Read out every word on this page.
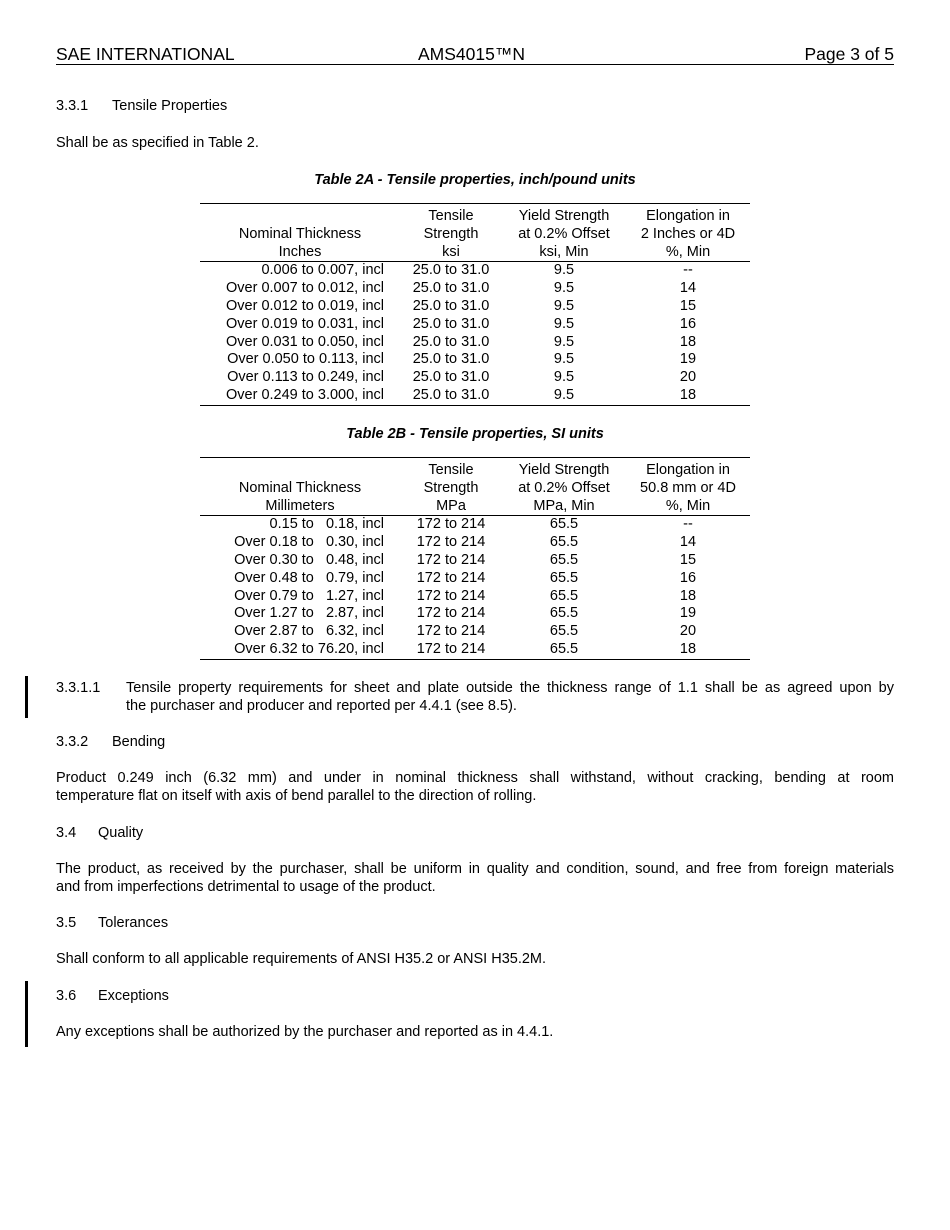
SAE INTERNATIONAL	AMS4015™N	Page 3 of 5
3.3.1 Tensile Properties
Shall be as specified in Table 2.
Table 2A - Tensile properties, inch/pound units

	Tensile	Yield Strength	Elongation in
Nominal Thickness	Strength	at 0.2% Offset	2 Inches or 4D
Inches	ksi	ksi, Min	%, Min
0.006 to 0.007, incl	25.0 to 31.0	9.5	--
Over 0.007 to 0.012, incl	25.0 to 31.0	9.5	14
Over 0.012 to 0.019, incl	25.0 to 31.0	9.5	15
Over 0.019 to 0.031, incl	25.0 to 31.0	9.5	16
Over 0.031 to 0.050, incl	25.0 to 31.0	9.5	18
Over 0.050 to 0.113, incl	25.0 to 31.0	9.5	19
Over 0.113 to 0.249, incl	25.0 to 31.0	9.5	20
Over 0.249 to 3.000, incl	25.0 to 31.0	9.5	18
Table 2B - Tensile properties, SI units

	Tensile	Yield Strength	Elongation in
Nominal Thickness	Strength	at 0.2% Offset	50.8 mm or 4D
Millimeters	MPa	MPa, Min	%, Min
0.15 to   0.18, incl	172 to 214	65.5	--
Over 0.18 to   0.30, incl	172 to 214	65.5	14
Over 0.30 to   0.48, incl	172 to 214	65.5	15
Over 0.48 to   0.79, incl	172 to 214	65.5	16
Over 0.79 to   1.27, incl	172 to 214	65.5	18
Over 1.27 to   2.87, incl	172 to 214	65.5	19
Over 2.87 to   6.32, incl	172 to 214	65.5	20
Over 6.32 to 76.20, incl	172 to 214	65.5	18
3.3.1.1 Tensile property requirements for sheet and plate outside the thickness range of 1.1 shall be as agreed upon by
the purchaser and producer and reported per 4.4.1 (see 8.5).
3.3.2 Bending
Product 0.249 inch (6.32 mm) and under in nominal thickness shall withstand, without cracking, bending at room
temperature flat on itself with axis of bend parallel to the direction of rolling.
3.4 Quality
The product, as received by the purchaser, shall be uniform in quality and condition, sound, and free from foreign materials
and from imperfections detrimental to usage of the product.
3.5 Tolerances
Shall conform to all applicable requirements of ANSI H35.2 or ANSI H35.2M.
3.6 Exceptions
Any exceptions shall be authorized by the purchaser and reported as in 4.4.1.
